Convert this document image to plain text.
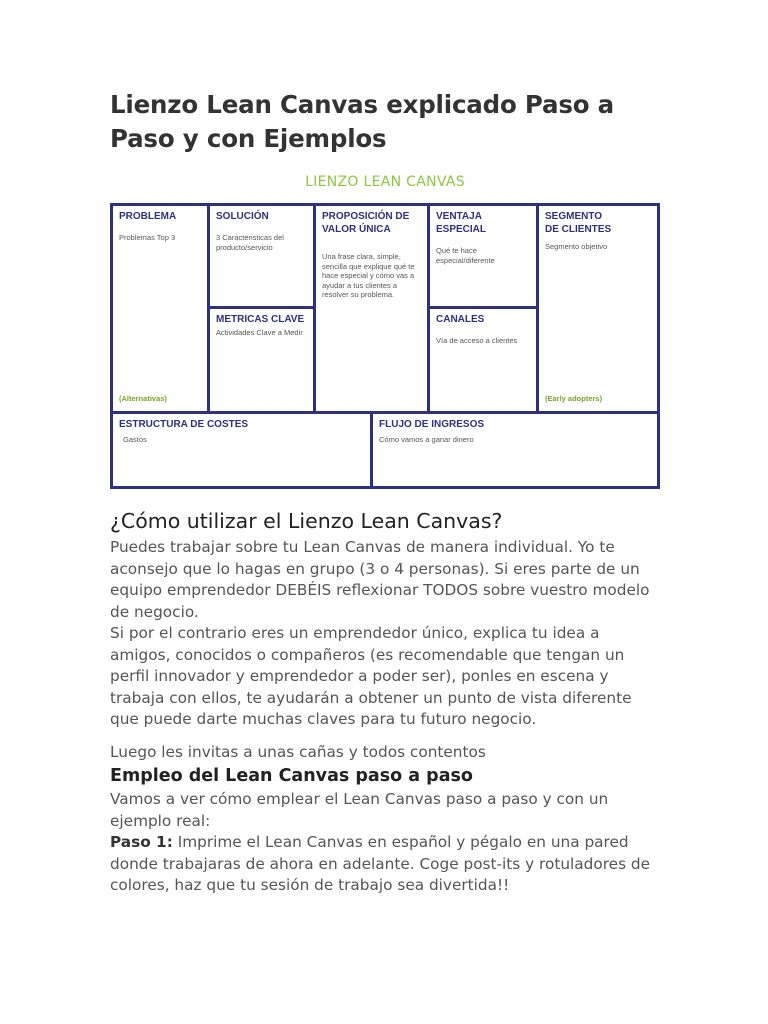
Lienzo Lean Canvas explicado Paso a Paso y con Ejemplos
LIENZO LEAN CANVAS
PROBLEMA
Problemas Top 3
(Alternativas)
SOLUCIÓN
3 Caracteristicas del producto/servicio
METRICAS CLAVE
Actividades Clave a Medir
PROPOSICIÓN DE VALOR ÚNICA
Una frase clara, simple, sencilla que explique qué te hace especial y cómo vas a ayudar a tus clientes a resolver su problema.
VENTAJA ESPECIAL
Qué te hace especial/diferente
CANALES
Vía de acceso a clientes
SEGMENTO DE CLIENTES
Segmento objetivo
(Early adopters)
ESTRUCTURA DE COSTES
Gastos
FLUJO DE INGRESOS
Cómo vamos a ganar dinero
¿Cómo utilizar el Lienzo Lean Canvas?

Puedes trabajar sobre tu Lean Canvas de manera individual. Yo te aconsejo que lo hagas en grupo (3 o 4 personas). Si eres parte de un equipo emprendedor DEBÉIS reflexionar TODOS sobre vuestro modelo de negocio.

Si por el contrario eres un emprendedor único, explica tu idea a amigos, conocidos o compañeros (es recomendable que tengan un perfil innovador y emprendedor a poder ser), ponles en escena y trabaja con ellos, te ayudarán a obtener un punto de vista diferente que puede darte muchas claves para tu futuro negocio.

Luego les invitas a unas cañas y todos contentos

Empleo del Lean Canvas paso a paso

Vamos a ver cómo emplear el Lean Canvas paso a paso y con un ejemplo real:

Paso 1: Imprime el Lean Canvas en español y pégalo en una pared donde trabajaras de ahora en adelante. Coge post-its y rotuladores de colores, haz que tu sesión de trabajo sea divertida!!
